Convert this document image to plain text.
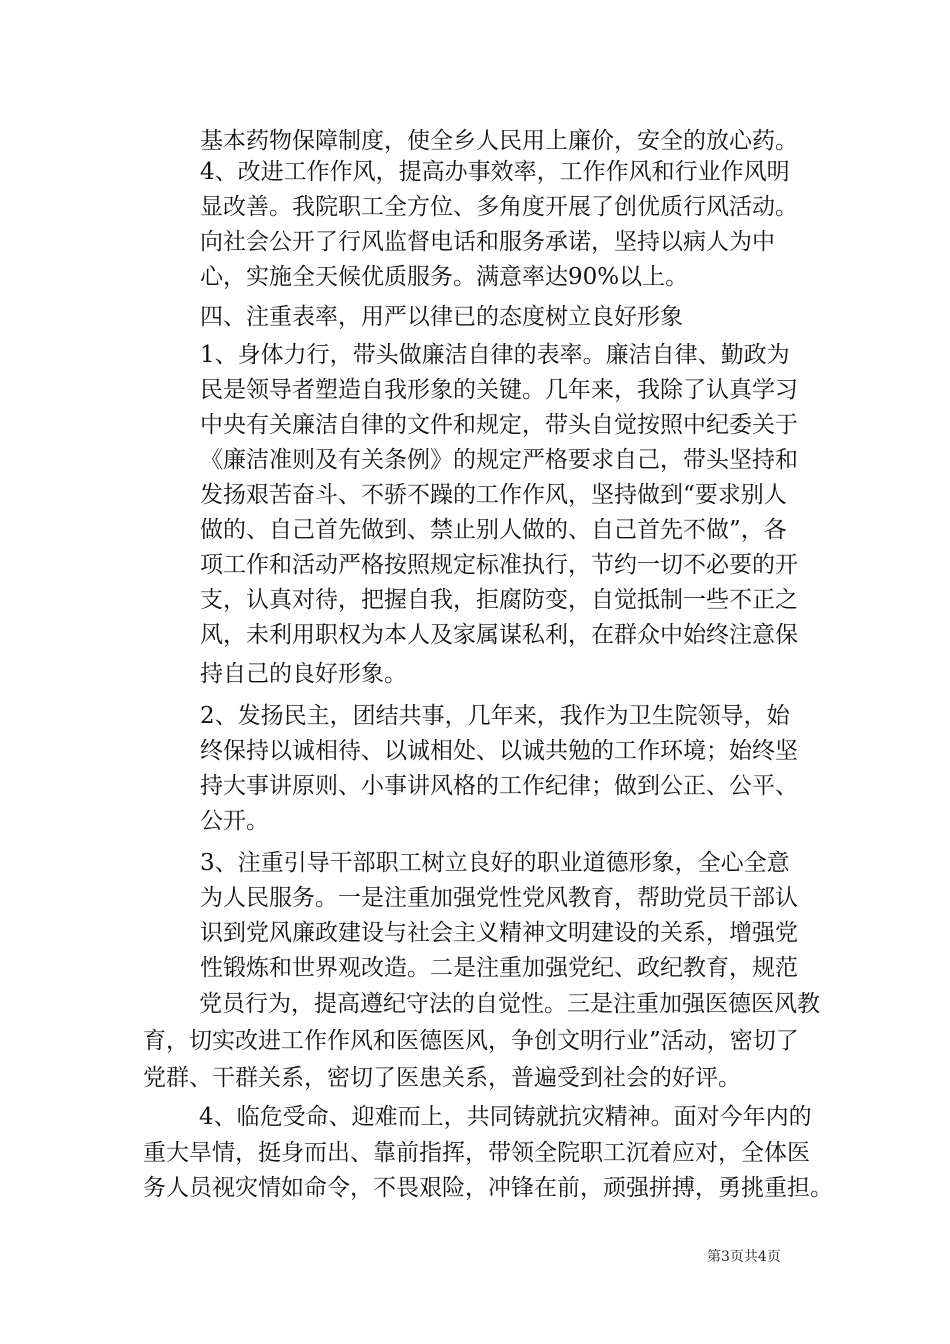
基本药物保障制度，使全乡人民用上廉价，安全的放心药。

4、改进工作作风，提高办事效率，工作作风和行业作风明

显改善。我院职工全方位、多角度开展了创优质行风活动。

向社会公开了行风监督电话和服务承诺，坚持以病人为中

心，实施全天候优质服务。满意率达90%以上。

四、注重表率，用严以律已的态度树立良好形象

1、身体力行，带头做廉洁自律的表率。廉洁自律、勤政为

民是领导者塑造自我形象的关键。几年来，我除了认真学习

中央有关廉洁自律的文件和规定，带头自觉按照中纪委关于

《廉洁准则及有关条例》的规定严格要求自己，带头坚持和

发扬艰苦奋斗、不骄不躁的工作作风，坚持做到“要求别人

做的、自己首先做到、禁止别人做的、自己首先不做”，各

项工作和活动严格按照规定标准执行，节约一切不必要的开

支，认真对待，把握自我，拒腐防变，自觉抵制一些不正之

风，未利用职权为本人及家属谋私利，在群众中始终注意保

持自己的良好形象。

2、发扬民主，团结共事，几年来，我作为卫生院领导，始

终保持以诚相待、以诚相处、以诚共勉的工作环境；始终坚

持大事讲原则、小事讲风格的工作纪律；做到公正、公平、

公开。

3、注重引导干部职工树立良好的职业道德形象，全心全意

为人民服务。一是注重加强党性党风教育，帮助党员干部认

识到党风廉政建设与社会主义精神文明建设的关系，增强党

性锻炼和世界观改造。二是注重加强党纪、政纪教育，规范

党员行为，提高遵纪守法的自觉性。三是注重加强医德医风教

育，切实改进工作作风和医德医风，争创文明行业”活动，密切了

党群、干群关系，密切了医患关系，普遍受到社会的好评。

4、临危受命、迎难而上，共同铸就抗灾精神。面对今年内的

重大旱情，挺身而出、靠前指挥，带领全院职工沉着应对，全体医

务人员视灾情如命令，不畏艰险，冲锋在前，顽强拼搏，勇挑重担。

第3页共4页
